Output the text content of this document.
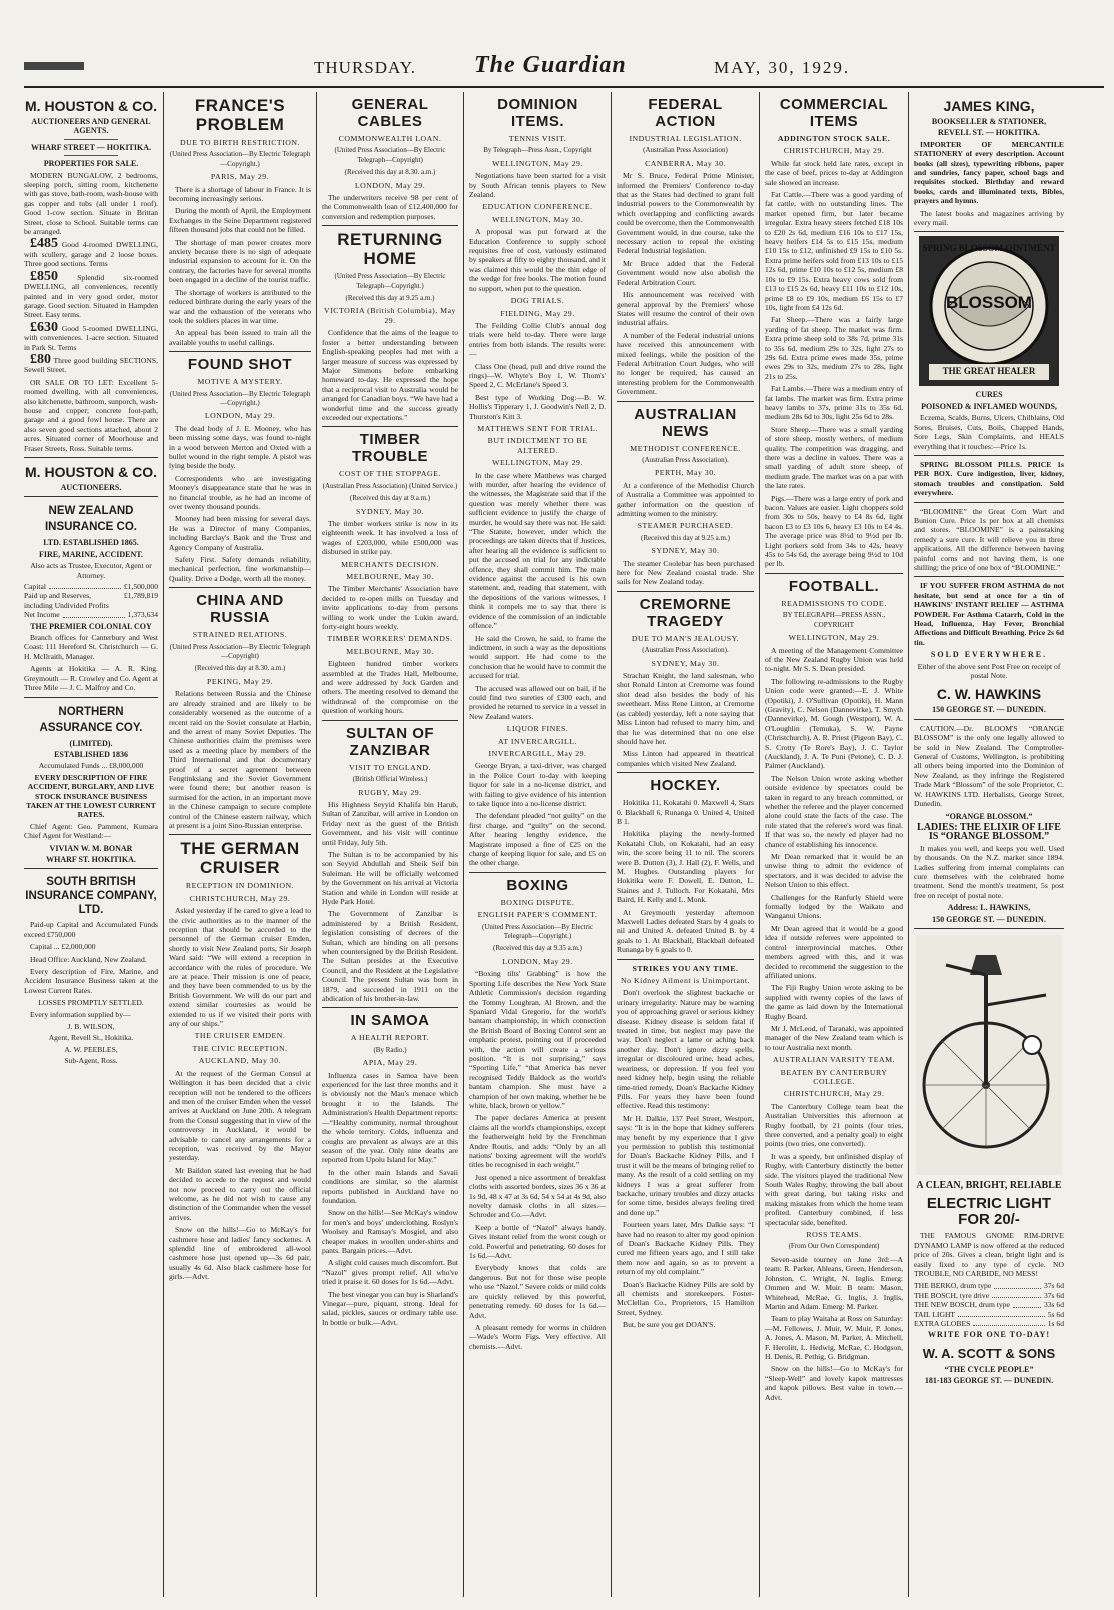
THURSDAY. The Guardian	MAY, 30, 1929.
M. HOUSTON & CO.
AUCTIONEERS AND GENERAL AGENTS.
WHARF STREET — HOKITIKA.
PROPERTIES FOR SALE.

MODERN BUNGALOW, 2 bedrooms, sleeping porch, sitting room, kitchenette with gas stove, bath-room, wash-house with gas copper and tubs (all under 1 roof). Good 1-cow section. Situate in Brittan Street, close to School. Suitable terms can be arranged.

£485 Good 4-roomed DWELLING, with scullery, garage and 2 loose boxes. Three good sections. Terms

£850	Splendid six-roomed DWELLING, all conveniences, recently painted and in very good order, motor garage. Good section. Situated in Hampden Street. Easy terms.

£630 Good 5-roomed DWELLING, with conveniences. 1-acre section. Situated in Park St. Terms

£80 Three good building SECTIONS, Sewell Street.

OR SALE OR TO LET: Excellent 5-roomed dwelling, with all conveniences, also kitchenette, bathroom, sunporch, wash-house and copper; concrete foot-path, garage and a good fowl house. There are also seven good sections attached, about 2 acres. Situated corner of Moorhouse and Fraser Streets, Ross. Suitable terms.

M. HOUSTON & CO.
AUCTIONEERS.
NEW ZEALAND INSURANCE CO.
LTD. ESTABLISHED 1865.
FIRE, MARINE, ACCIDENT.
Also acts as Trustee, Executor, Agent or Attorney.
Capital	£1,500,000
Paid up and Reserves, including Undivided Profits
£1,789,819
Net Income	1,373,634
THE PREMIER COLONIAL COY

Branch offices for Canterbury and West Coast: 111 Hereford St. Christchurch — G. H. McIlraith, Manager.

Agents at Hokitika — A. R. King. Greymouth — R. Crowley and Co. Agent at Three Mile — J. C. Malfroy and Co.

NORTHERN ASSURANCE COY.
(LIMITED).
ESTABLISHED 1836
Accumulated Funds ... £8,000,000
EVERY DESCRIPTION OF FIRE ACCIDENT, BURGLARY, AND LIVE STOCK INSURANCE BUSINESS TAKEN AT THE LOWEST CURRENT RATES.

Chief Agent: Geo. Pamment, Kumara Chief Agent for Westland:—

VIVIAN W. M. BONAR
WHARF ST. HOKITIKA.
SOUTH BRITISH INSURANCE COMPANY, LTD.

Paid-up Capital and Accumulated Funds exceed £750,000

Capital ... £2,000,000

Head Office: Auckland, New Zealand.

Every description of Fire, Marine, and Accident Insurance Business taken at the Lowest Current Rates.

LOSSES PROMPTLY SETTLED.

Every information supplied by—

J. B. WILSON,
Agent, Revell St., Hokitika.
A. W. PEEBLES,
Sub-Agent, Ross.
FRANCE'S PROBLEM
DUE TO BIRTH RESTRICTION.
(United Press Association—By Electric Telegraph—Copyright.)
PARIS, May 29.

There is a shortage of labour in France. It is becoming increasingly serious.

During the month of April, the Employment Exchanges in the Seine Department registered fifteen thousand jobs that could not be filled.

The shortage of man power creates more anxiety because there is no sign of adequate industrial expansion to account for it. On the contrary, the factories have for several months been engaged in a decline of the tourist traffic.

The shortage of workers is attributed to the reduced birthrate during the early years of the war and the exhaustion of the veterans who took the soldiers places in war time.

An appeal has been issued to train all the available youths to useful callings.

FOUND SHOT
MOTIVE A MYSTERY.
(United Press Association—By Electric Telegraph—Copyright.)
LONDON, May 29.

The dead body of J. E. Mooney, who has been missing some days, was found to-night in a wood between Merton and Oxted with a bullet wound in the right temple. A pistol was lying beside the body.

Correspondents who are investigating Mooney's disappearance state that he was in no financial trouble, as he had an income of over twenty thousand pounds.

Mooney had been missing for several days. He was a Director of many Companies, including Barclay's Bank and the Trust and Agency Company of Australia.

Safety First. Safety demands reliability, mechanical perfection, fine workmanship—Quality. Drive a Dodge, worth all the money.

CHINA AND RUSSIA
STRAINED RELATIONS.
(United Press Association—By Electric Telegraph—Copyright)
(Received this day at 8.30. a.m.)
PEKING, May 29.

Relations between Russia and the Chinese are already strained and are likely to be considerably worsened as the outcome of a recent raid on the Soviet consulate at Harbin, and the arrest of many Soviet Deputies. The Chinese authorities claim the premises were used as a meeting place by members of the Third International and that documentary proof of a secret agreement between Fengtinksiang and the Soviet Government were found there; but another reason is surmised for the action, in an important move in the Chinese campaign to secure complete control of the Chinese eastern railway, which at present is a joint Sino-Russian enterprise.

THE GERMAN CRUISER
RECEPTION IN DOMINION.
CHRISTCHURCH, May 29.

Asked yesterday if he cared to give a lead to the civic authorities as to the manner of the reception that should be accorded to the personnel of the German cruiser Emden, shortly to visit New Zealand ports, Sir Joseph Ward said: “We will extend a reception in accordance with the rules of procedure. We are at peace. Their mission is one of peace, and they have been commended to us by the British Government. We will do our part and extend similar courtesies as would be extended to us if we visited their ports with any of our ships.”

THE CRUISER EMDEN.
THE CIVIC RECEPTION.
AUCKLAND, May 30.

At the request of the German Consul at Wellington it has been decided that a civic reception will not be tendered to the officers and men of the cruiser Emden when the vessel arrives at Auckland on June 20th. A telegram from the Consul suggesting that in view of the controversy in Auckland, it would be advisable to cancel any arrangements for a reception, was received by the Mayor yesterday.

Mr Baildon stated last evening that he had decided to accede to the request and would not now proceed to carry out the official welcome, as he did not wish to cause any distinction of the Commander when the vessel arrives.

Snow on the hills!—Go to McKay's for cashmere hose and ladies' fancy sockettes. A splendid line of embroidered all-wool cashmere hose just opened up—3s 6d pair, usually 4s 6d. Also black cashmere hose for girls.—Advt.

GENERAL CABLES
COMMONWEALTH LOAN.
(United Press Association—By Electric Telegraph—Copyright)
(Received this day at 8.30. a.m.)
LONDON, May 29.

The underwriters receive 98 per cent of the Commonwealth loan of £12,400,000 for conversion and redemption purposes.

RETURNING HOME
(United Press Association—By Electric Telegraph—Copyright.)
(Received this day at 9.25 a.m.)
VICTORIA (British Columbia), May 29.

Confidence that the aims of the league to foster a better understanding between English-speaking peoples had met with a larger measure of success was expressed by Major Simmons before embarking homeward to-day. He expressed the hope that a reciprocal visit to Australia would be arranged for Canadian boys. “We have had a wonderful time and the success greatly exceeded our expectations.”

TIMBER TROUBLE
COST OF THE STOPPAGE.
(Australian Press Association) (United Service.)
(Received this day at 9.a.m.)
SYDNEY, May 30.

The timber workers strike is now in its eighteenth week. It has involved a loss of wages of £203,000, while £500,000 was disbursed in strike pay.

MERCHANTS DECISION.
MELBOURNE, May 30.

The Timber Merchants' Association have decided to re-open mills on Tuesday and invite applications to-day from persons willing to work under the Lukin award, forty-eight hours weekly.

TIMBER WORKERS' DEMANDS.
MELBOURNE, May 30.

Eighteen hundred timber workers assembled at the Trades Hall, Melbourne, and were addressed by Jock Garden and others. The meeting resolved to demand the withdrawal of the compromise on the question of working hours.

SULTAN OF ZANZIBAR
VISIT TO ENGLAND.
(British Official Wireless.)
RUGBY, May 29.

His Highness Seyyid Khalifa bin Harub, Sultan of Zanzibar, will arrive in London on Friday next as the guest of the British Government, and his visit will continue until Friday, July 5th.

The Sultan is to be accompanied by his son Seyyid Abdullah and Sheik Seif bin Suleiman. He will be officially welcomed by the Government on his arrival at Victoria Station and while in London will reside at Hyde Park Hotel.

The Government of Zanzibar is administered by a British Resident, legislation consisting of decrees of the Sultan, which are binding on all persons when countersigned by the British Resident. The Sultan presides at the Executive Council, and the Resident at the Legislative Council. The present Sultan was born in 1879, and succeeded in 1911 on the abdication of his brother-in-law.

IN SAMOA
A HEALTH REPORT.
(By Radio.)
APIA, May 29.

Influenza cases in Samoa have been experienced for the last three months and it is obviously not the Mau's menace which brought it to the Islands. The Administration's Health Department reports:—“Healthy community, normal throughout the whole territory. Colds, influenza and coughs are prevalent as always are at this season of the year. Only nine deaths are reported from Upolu Island for May.”

In the other main Islands and Savaii conditions are similar, so the alarmist reports published in Auckland have no foundation.

Snow on the hills!—See McKay's window for men's and boys' underclothing. Roslyn's Woolsey and Ramsay's Mosgiel, and also cheaper makes in woollen under-shirts and pants. Bargain prices.—Advt.

A slight cold causes much discomfort. But “Nazol” gives prompt relief. All who've tried it praise it. 60 doses for 1s 6d.—Advt.

The best vinegar you can buy is Sharland's Vinegar—pure, piquant, strong. Ideal for salad, pickles, sauces or ordinary table use. In bottle or bulk.—Advt.

DOMINION ITEMS.
TENNIS VISIT.
By Telegraph—Press Assn., Copyright
WELLINGTON, May 29.

Negotiations have been started for a visit by South African tennis players to New Zealand.

EDUCATION CONFERENCE.
WELLINGTON, May 30.

A proposal was put forward at the Education Conference to supply school requisites free of cost, variously estimated by speakers at fifty to eighty thousand, and it was claimed this would be the thin edge of the wedge for free books. The motion found no support, when put to the question.

DOG TRIALS.
FIELDING, May 29.

The Feilding Collie Club's annual dog trials were held to-day. There were large entries from both islands. The results were:—

Class One (head, pull and drive round the rings)—W. Whyte's Boy 1, W. Thom's' Speed 2, C. McErlane's Speed 3.

Best type of Working Dog:—B. W. Hollis's Tipperary 1, J. Goodwin's Nell 2, D. Thurston's Kitt 3.

MATTHEWS SENT FOR TRIAL.
BUT INDICTMENT TO BE ALTERED.
WELLINGTON, May 29.

In the case where Matthews was charged with murder, after hearing the evidence of the witnesses, the Magistrate said that if the question was merely whether there was sufficient evidence to justify the charge of murder, he would say there was not. He said: “The Statute, however, under which the proceedings are taken directs that if Justices, after hearing all the evidence is sufficient to put the accused on trial for any indictable offence, they shall commit him. The main evidence against the accused is his own statement, and, reading that statement, with the depositions of the various witnesses, I think it compels me to say that there is evidence of the commission of an indictable offence.”

He said the Crown, he said, to frame the indictment, in such a way as the depositions would support. He had come to the conclusion that he would have to commit the accused for trial.

The accused was allowed out on bail, if he could find two sureties of £300 each, and provided he returned to service in a vessel in New Zealand waters.

LIQUOR FINES.
AT INVERCARGILL.
INVERCARGILL, May 29.

George Bryan, a taxi-driver, was charged in the Police Court to-day with keeping liquor for sale in a no-license district, and with failing to give evidence of his intention to take liquor into a no-license district.

The defendant pleaded “not guilty” on the first charge, and “guilty” on the second. After hearing lengthy evidence, the Magistrate imposed a fine of £25 on the charge of keeping liquor for sale, and £5 on the other charge.

BOXING
BOXING DISPUTE.
ENGLISH PAPER'S COMMENT.
(United Press Association—By Electric Telegraph—Copyright.)
(Received this day at 9.35 a.m.)
LONDON, May 29.

“Boxing tilts' Grabbing” is how the Sporting Life describes the New York State Athletic Commission's decision regarding the Tommy Loughran, Al Brown, and the Spaniard Vidal Gregorio, for the world's bantam championship, in which connection the British Board of Boxing Control sent an emphatic protest, pointing out if proceeded with, the action will create a serious position. “It is not surprising,” says “Sporting Life,” “that America has never recognised Teddy Baldock as the world's bantam champion. She must have a champion of her own making, whether he be white, black, brown or yellow.”

The paper declares America at present claims all the world's championships, except the featherweight held by the Frenchman Andre Routis, and adds: “Only by an all nations' boxing agreement will the world's titles be recognised in each weight.”

Just opened a nice assortment of breakfast cloths with assorted borders, sizes 36 x 36 at 1s 9d, 48 x 47 at 3s 6d, 54 x 54 at 4s 9d, also novelty damask cloths in all sizes.—Schroder and Co.—Advt.

Keep a bottle of “Nazol” always handy. Gives instant relief from the worst cough or cold. Powerful and penetrating. 60 doses for 1s 6d.—Advt.

Everybody knows that colds are dangerous. But not for those wise people who use “Nazol.” Severe colds or mild colds are quickly relieved by this powerful, penetrating remedy. 60 doses for 1s 6d.—Advt.

A pleasant remedy for worms in children—Wade's Worm Figs. Very effective. All chemists.—Advt.

FEDERAL ACTION
INDUSTRIAL LEGISLATION.
(Australian Press Association)
CANBERRA, May 30.

Mr S. Bruce, Federal Prime Minister, informed the Premiers' Conference to-day that as the States had declined to grant full industrial powers to the Commonwealth by which overlapping and conflicting awards could be overcome, then the Commonwealth Government would, in due course, take the necessary action to repeal the existing Federal Industrial legislation.

Mr Bruce added that the Federal Government would now also abolish the Federal Arbitration Court.

His announcement was received with general approval by the Premiers' whose States will resume the control of their own industrial affairs.

A number of the Federal industrial unions have received this announcement with mixed feelings, while the position of the Federal Arbitration Court Judges, who will no longer be required, has caused an interesting problem for the Commonwealth Government.

AUSTRALIAN NEWS
METHODIST CONFERENCE.
(Australian Press Association).
PERTH, May 30.

At a conference of the Methodist Church of Australia a Committee was appointed to gather information on the question of admitting women to the ministry.

STEAMER PURCHASED.
(Received this day at 9.25 a.m.)
SYDNEY, May 30.

The steamer Coolebar has been purchased here for New Zealand coastal trade. She sails for New Zealand today.

CREMORNE TRAGEDY
DUE TO MAN'S JEALOUSY.
(Australian Press Association).
SYDNEY, May 30.

Strachan Knight, the land salesman, who shot Ronald Linton at Cremorne was found shot dead also besides the body of his sweetheart. Miss Rene Linton, at Cremorne (as cabled) yesterday, left a note saying that Miss Linton had refused to marry him, and that he was determined that no one else should have her.

Miss Linton had appeared in theatrical companies which visited New Zealand.

HOCKEY.

Hokitika 11, Kokatahi 0. Maxwell 4, Stars 0. Blackball 6, Runanga 0. United 4, United B 1.

Hokitika playing the newly-formed Kokatahi Club, on Kokatahi, had an easy win, the score being 11 to nil. The scorers were B. Dutton (3), J. Hall (2), F. Wells, and M. Hughes. Outstanding players for Hokitika were F. Dowell, E. Dutton, L. Staines and J. Tulloch. For Kokatahi, Mrs Baird, H. Kelly and L. Monk.

At Greymouth yesterday afternoon Maxwell Ladies defeated Stars by 4 goals to nil and United A. defeated United B. by 4 goals to 1. At Blackball, Blackball defeated Runanga by 6 goals to 0.

STRIKES YOU ANY TIME.
No Kidney Ailment is Unimportant.

Don't overlook the slightest backache or urinary irregularity. Nature may be warning you of approaching gravel or serious kidney disease. Kidney disease is seldom fatal if treated in time, but neglect may pave the way. Don't neglect a lame or aching back another day. Don't ignore dizzy spells, irregular or discoloured urine, head aches, weariness, or depression. If you feel you need kidney help, begin using the reliable time-tried remedy, Doan's Backache Kidney Pills. For years they have been found effective. Read this testimony:

Mr H. Dalkie, 137 Peel Street, Westport, says: “It is in the hope that kidney sufferers may benefit by my experience that I give you permission to publish this testimonial for Doan's Backache Kidney Pills, and I trust it will be the means of bringing relief to many. As the result of a cold settling on my kidneys I was a great sufferer from backache, urinary troubles and dizzy attacks for some time, besides always feeling tired and done up.”

Fourteen years later, Mrs Dalkie says: “I have had no reason to alter my good opinion of Doan's Backache Kidney Pills. They cured me fifteen years ago, and I still take them now and again, so as to prevent a return of my old complaint.”

Doan's Backache Kidney Pills are sold by all chemists and storekeepers. Foster-McClellan Co., Proprietors, 15 Hamilton Street, Sydney.

But, be sure you get DOAN'S.

COMMERCIAL ITEMS
ADDINGTON STOCK SALE.
CHRISTCHURCH, May 29.

While fat stock held late rates, except in the case of beef, prices to-day at Addington sale showed an increase.

Fat Cattle.—There was a good yarding of fat cattle, with no outstanding lines. The market opened firm, but later became irregular. Extra heavy steers fetched £18 10s to £20 2s 6d, medium £16 10s to £17 15s, heavy heifers £14 5s to £15 15s, medium £10 15s to £12, unfinished £9 15s to £10 5s. Extra prime heifers sold from £13 10s to £15 12s 6d, prime £10 10s to £12 5s, medium £8 10s to £9 15s. Extra heavy cows sold from £13 to £15 2s 6d, heavy £11 10s to £12 10s, prime £8 to £9 10s, medium £6 15s to £7 10s, light from £4 12s 6d.

Fat Sheep.—There was a fairly large yarding of fat sheep. The market was firm. Extra prime sheep sold to 38s 7d, prime 31s to 35s 6d, medium 29s to 32s, light 27s to 29s 6d. Extra prime ewes made 35s, prime ewes 29s to 32s, medium 27s to 28s, light 21s to 25s.

Fat Lambs.—There was a medium entry of fat lambs. The market was firm. Extra prime heavy lambs to 37s, prime 31s to 35s 6d, medium 28s 6d to 30s, light 25s 6d to 28s.

Store Sheep.—There was a small yarding of store sheep, mostly wethers, of medium quality. The competition was dragging, and there was a decline in values. There was a small yarding of adult store sheep, of medium grade. The market was on a par with the late rates.

Pigs.—There was a large entry of pork and bacon. Values are easier. Light choppers sold from 30s to 50s, heavy to £4 8s 6d, light bacon £3 to £3 10s 6, heavy £3 10s to £4 4s. The average price was 8½d to 9½d per lb. Light porkers sold from 34s to 42s, heavy 45s to 54s 6d, the average being 9½d to 10d per lb.

FOOTBALL.
READMISSIONS TO CODE.
BY TELEGRAPH—PRESS ASSN., COPYRIGHT
WELLINGTON, May 29.

A meeting of the Management Committee of the New Zealand Rugby Union was held to-night. Mr S. S. Dean presided.

The following re-admissions to the Rugby Union code were granted:—E. J. White (Opotiki), J. O'Sullivan (Opotiki), H. Mann (Gravity), C. Nelson (Dannevirke), T. Smyth (Dannevirke), M. Gough (Westport), W. A. O'Loughlin (Temuka), S. W. Payne (Christchurch), A. R. Priest (Pigeon Bay), C. S. Crotty (Te Rore's Bay), J. C. Taylor (Auckland), J. A. Te Puni (Petone), C. D. J. Palmer (Auckland).

The Nelson Union wrote asking whether outside evidence by spectators could be taken in regard to any breach committed, or whether the referee and the player concerned alone could state the facts of the case. The rule stated that the referee's word was final. If that was so, the newly ed player had no chance of establishing his innocence.

Mr Dean remarked that it would be an unwise thing to admit the evidence of spectators, and it was decided to advise the Nelson Union to this effect.

Challenges for the Ranfurly Shield were formally lodged by the Waikato and Wanganui Unions.

Mr Dean agreed that it would be a good idea if outside referees were appointed to control interprovincial matches. Other members agreed with this, and it was decided to recommend the suggestion to the affiliated unions.

The Fiji Rugby Union wrote asking to be supplied with twenty copies of the laws of the game as laid down by the International Rugby Board.

Mr J. McLeod, of Taranaki, was appointed manager of the New Zealand team which is to tour Australia next month.

AUSTRALIAN VARSITY TEAM.
BEATEN BY CANTERBURY COLLEGE.
CHRISTCHURCH, May 29.

The Canterbury College team beat the Australian Universities this afternoon at Rugby football, by 21 points (four tries, three converted, and a penalty goal) to eight points (two tries, one converted).

It was a speedy, but unfinished display of Rugby, with Canterbury distinctly the better side. The visitors played the traditional New South Wales Rugby, throwing the ball about with great daring, but taking risks and making mistakes from which the home team profited. Canterbury combined, if less spectacular side, benefited.

ROSS TEAMS.
(From Our Own Correspondent)

Seven-aside tourney on June 3rd:—A team: R. Parker, Ahleans, Green, Henderson, Johnston, C. Wright, N. Inglis. Emerg: Ommen and W. Muir. B team: Mason, Whitehead, McRae, G. Inglis, J. Inglis, Martin and Adam. Emerg: M. Parker.

Team to play Waitaha at Ross on Saturday:—M. Fellowes, J. Muir, W. Muir, P. Jones, A. Jones, A. Mason, M. Parker, A. Mitchell, F. Herolitt, L. Hedwig, McRae, C. Hodgson, H. Denis, R. Pethig, G. Bridgman.

Snow on the hills!—Go to McKay's for “Sleep-Well” and lovely kapok mattresses and kapok pillows. Best value in town.—Advt.

JAMES KING,
BOOKSELLER & STATIONER,
REVELL ST. — HOKITIKA.

IMPORTER OF MERCANTILE STATIONERY of every description. Account books (all sizes), typewriting ribbons, paper and sundries, fancy paper, school bags and requisites stocked. Birthday and reward books, cards and illuminated texts, Bibles, prayers and hymns.

The latest books and magazines arriving by every mail.

SPRING BLOSSOM OINTMENT
BLOSSOM
THE GREAT HEALER
CURES
POISONED & INFLAMED WOUNDS,

Eczema, Scalds, Burns, Ulcers, Chilblains, Old Sores, Bruises, Cuts, Boils, Chapped Hands, Sore Legs, Skin Complaints, and HEALS everything that it touches:—Price 1s.

SPRING BLOSSOM PILLS. PRICE 1s PER BOX. Cure indigestion, liver, kidney, stomach troubles and constipation. Sold everywhere.

“BLOOMINE” the Great Corn Wart and Bunion Cure. Price 1s per box at all chemists and stores. “BLOOMINE” is a painstaking remedy a sure cure. It will relieve you in three applications. All the difference between having painful corns and not having them, is one shilling; the price of one box of “BLOOMINE.”

IF YOU SUFFER FROM ASTHMA do not hesitate, but send at once for a tin of HAWKINS' INSTANT RELIEF — ASTHMA POWDER. For Asthma Catarrh, Cold in the Head, Influenza, Hay Fever, Bronchial Affections and Difficult Breathing. Price 2s 6d tin.

SOLD EVERYWHERE.
Either of the above sent Post Free on receipt of postal Note.
C. W. HAWKINS
150 GEORGE ST. — DUNEDIN.

CAUTION.—Dr. BLOOM'S “ORANGE BLOSSOM” is the only one legally allowed to be sold in New Zealand. The Comptroller-General of Customs, Wellington, is prohibiting all others being imported into the Dominion of New Zealand, as they infringe the Registered Trade Mark “Blossom” of the sole Proprietor, C. W. HAWKINS LTD. Herbalists, George Street, Dunedin.

“ORANGE BLOSSOM.”
LADIES: THE ELIXIR OF LIFE IS “ORANGE BLOSSOM.”

It makes you well, and keeps you well. Used by thousands. On the N.Z. market since 1894. Ladies suffering from internal complaints can cure themselves with the celebrated home treatment. Send the month's treatment, 5s post free on receipt of postal note.

Address: L. HAWKINS,
150 GEORGE ST. — DUNEDIN.
A CLEAN, BRIGHT, RELIABLE
ELECTRIC LIGHT FOR 20/-

THE FAMOUS GNOME RIM-DRIVE DYNAMO LAMP is now offered at the reduced price of 20s. Gives a clean, bright light and is easily fixed to any type of cycle. NO TROUBLE, NO CARBIDE, NO MESS!

THE BERKO, drum type	37s 6d
THE BOSCH, tyre drive	37s 6d
THE NEW BOSCH, drum type	33s 6d
TAIL LIGHT	5s 6d
EXTRA GLOBES	1s 6d
WRITE FOR ONE TO-DAY!
W. A. SCOTT & SONS
“THE CYCLE PEOPLE”
181-183 GEORGE ST. — DUNEDIN.
